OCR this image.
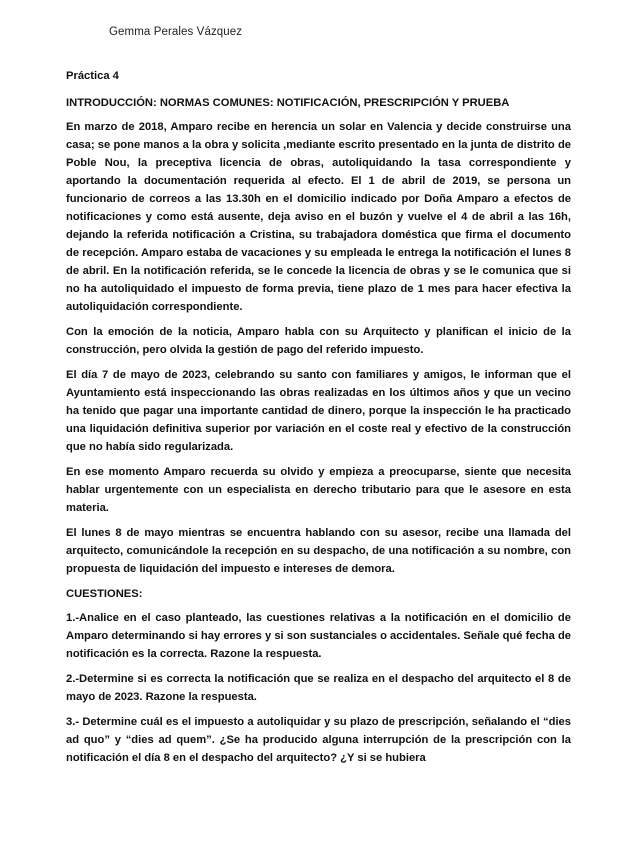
Gemma Perales Vázquez

Práctica 4

INTRODUCCIÓN: NORMAS COMUNES: NOTIFICACIÓN, PRESCRIPCIÓN Y PRUEBA

En marzo de 2018, Amparo recibe en herencia un solar en Valencia y decide construirse una casa; se pone manos a la obra y solicita ,mediante escrito presentado en la junta de distrito de Poble Nou, la preceptiva licencia de obras, autoliquidando la tasa correspondiente y aportando la documentación requerida al efecto. El 1 de abril de 2019, se persona un funcionario de correos a las 13.30h en el domicilio indicado por Doña Amparo a efectos de notificaciones y como está ausente, deja aviso en el buzón y vuelve el 4 de abril a las 16h, dejando la referida notificación a Cristina, su trabajadora doméstica que firma el documento de recepción. Amparo estaba de vacaciones y su empleada le entrega la notificación el lunes 8 de abril. En la notificación referida, se le concede la licencia de obras y se le comunica que si no ha autoliquidado el impuesto de forma previa, tiene plazo de 1 mes para hacer efectiva la autoliquidación correspondiente.

Con la emoción de la noticia, Amparo habla con su Arquitecto y planifican el inicio de la construcción, pero olvida la gestión de pago del referido impuesto.

El día 7 de mayo de 2023, celebrando su santo con familiares y amigos, le informan que el Ayuntamiento está inspeccionando las obras realizadas en los últimos años y que un vecino ha tenido que pagar una importante cantidad de dinero, porque la inspección le ha practicado una liquidación definitiva superior por variación en el coste real y efectivo de la construcción que no había sido regularizada.

En ese momento Amparo recuerda su olvido y empieza a preocuparse, siente que necesita hablar urgentemente con un especialista en derecho tributario para que le asesore en esta materia.

El lunes 8 de mayo mientras se encuentra hablando con su asesor, recibe una llamada del arquitecto, comunicándole la recepción en su despacho, de una notificación a su nombre, con propuesta de liquidación del impuesto e intereses de demora.

CUESTIONES:

1.-Analice en el caso planteado, las cuestiones relativas a la notificación en el domicilio de Amparo determinando si hay errores y si son sustanciales o accidentales. Señale qué fecha de notificación es la correcta. Razone la respuesta.

2.-Determine si es correcta la notificación que se realiza en el despacho del arquitecto el 8 de mayo de 2023. Razone la respuesta.

3.- Determine cuál es el impuesto a autoliquidar y su plazo de prescripción, señalando el “dies ad quo” y “dies ad quem”. ¿Se ha producido alguna interrupción de la prescripción con la notificación el día 8 en el despacho del arquitecto? ¿Y si se hubiera
